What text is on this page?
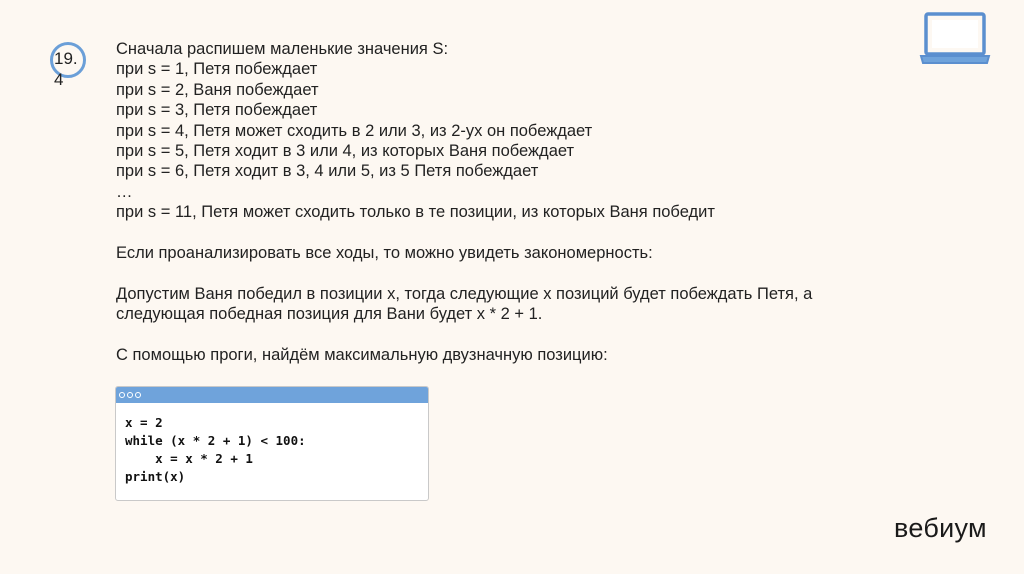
19.
4
Сначала распишем маленькие значения S:
при s = 1, Петя побеждает
при s = 2, Ваня побеждает
при s = 3, Петя побеждает
при s = 4, Петя может сходить в 2 или 3, из 2-ух он побеждает
при s = 5, Петя ходит в 3 или 4, из которых Ваня побеждает
при s = 6, Петя ходит в 3, 4 или 5, из 5 Петя побеждает
…
при s = 11, Петя может сходить только в те позиции, из которых Ваня победит
Если проанализировать все ходы, то можно увидеть закономерность:
Допустим Ваня победил в позиции x, тогда следующие x позиций будет побеждать Петя, а
следующая победная позиция для Вани будет x * 2 + 1.
С помощью проги, найдём максимальную двузначную позицию:
x = 2
while (x * 2 + 1) < 100:
x = x * 2 + 1
print(x)
вебиум
